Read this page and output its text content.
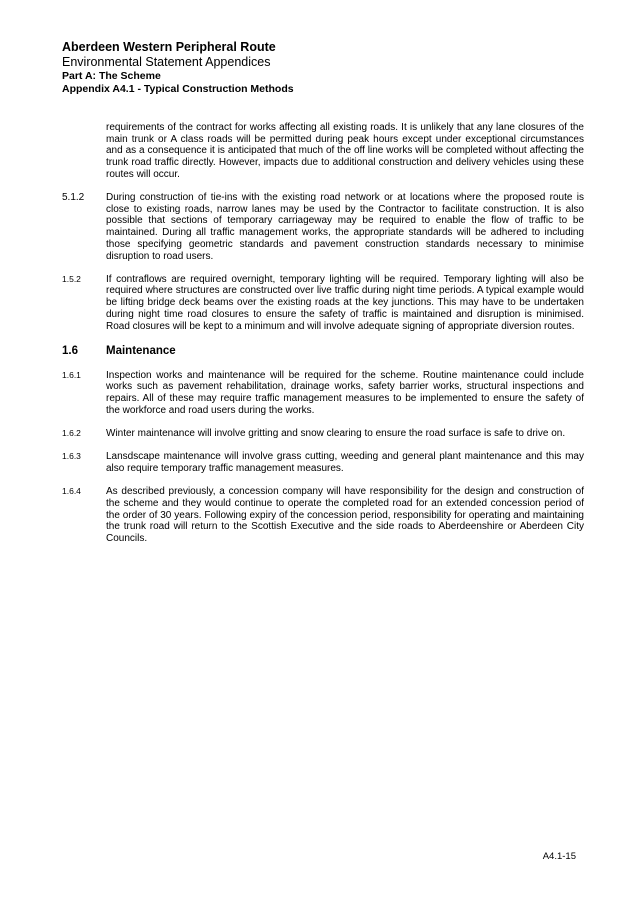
Aberdeen Western Peripheral Route

Environmental Statement Appendices

Part A: The Scheme

Appendix A4.1 - Typical Construction Methods

requirements of the contract for works affecting all existing roads. It is unlikely that any lane closures of the main trunk or A class roads will be permitted during peak hours except under exceptional circumstances and as a consequence it is anticipated that much of the off line works will be completed without affecting the trunk road traffic directly. However, impacts due to additional construction and delivery vehicles using these routes will occur.
5.1.2 During construction of tie-ins with the existing road network or at locations where the proposed route is close to existing roads, narrow lanes may be used by the Contractor to facilitate construction. It is also possible that sections of temporary carriageway may be required to enable the flow of traffic to be maintained. During all traffic management works, the appropriate standards will be adhered to including those specifying geometric standards and pavement construction standards necessary to minimise disruption to road users.
1.5.2	If contraflows are required overnight, temporary lighting will be required. Temporary lighting will also be required where structures are constructed over live traffic during night time periods. A typical example would be lifting bridge deck beams over the existing roads at the key junctions. This may have to be undertaken during night time road closures to ensure the safety of traffic is maintained and disruption is minimised. Road closures will be kept to a minimum and will involve adequate signing of appropriate diversion routes.
1.6 Maintenance
1.6.1	Inspection works and maintenance will be required for the scheme. Routine maintenance could include works such as pavement rehabilitation, drainage works, safety barrier works, structural inspections and repairs. All of these may require traffic management measures to be implemented to ensure the safety of the workforce and road users during the works.
1.6.2	Winter maintenance will involve gritting and snow clearing to ensure the road surface is safe to drive on.
1.6.3	Lansdscape maintenance will involve grass cutting, weeding and general plant maintenance and this may also require temporary traffic management measures.
1.6.4	As described previously, a concession company will have responsibility for the design and construction of the scheme and they would continue to operate the completed road for an extended concession period of the order of 30 years. Following expiry of the concession period, responsibility for operating and maintaining the trunk road will return to the Scottish Executive and the side roads to Aberdeenshire or Aberdeen City Councils.
A4.1-15
